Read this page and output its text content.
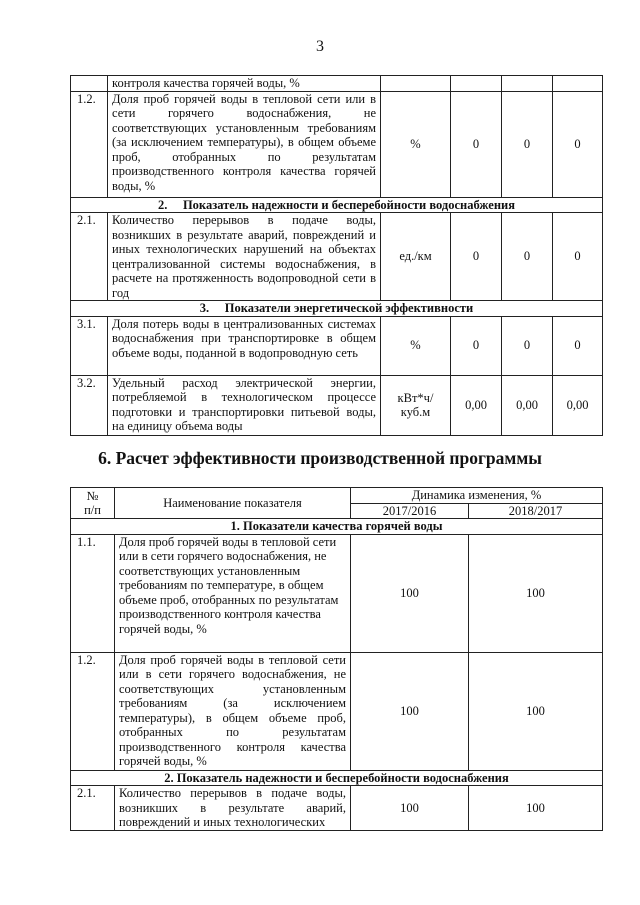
3
	контроля качества горячей воды, %				
1.2.	Доля проб горячей воды в тепловой сети или в сети горячего водоснабжения, не соответствующих установленным требованиям (за исключением температуры), в общем объеме проб, отобранных по результатам производственного контроля качества горячей воды, %	%	0	0	0
2.     Показатель надежности и бесперебойности водоснабжения					
2.1.	Количество перерывов в подаче воды, возникших в результате аварий, повреждений и иных технологических нарушений на объектах централизованной системы водоснабжения, в расчете на протяженность водопроводной сети в год	ед./км	0	0	0
3.     Показатели энергетической эффективности					
3.1.	Доля потерь воды в централизованных системах водоснабжения при транспортировке в общем объеме воды, поданной в водопроводную сеть	%	0	0	0
3.2.	Удельный расход электрической энергии, потребляемой в технологическом процессе подготовки и транспортировки питьевой воды, на единицу объема воды	кВт*ч/ куб.м	0,00	0,00	0,00
6. Расчет эффективности производственной программы
№ п/п	Наименование показателя	Динамика изменения, %	
		2017/2016	2018/2017
1. Показатели качества горячей воды			
1.1.	Доля проб горячей воды в тепловой сети или в сети горячего водоснабжения, не соответствующих установленным требованиям по температуре, в общем объеме проб, отобранных по результатам производственного контроля качества горячей воды, %	100	100
1.2.	Доля проб горячей воды в тепловой сети или в сети горячего водоснабжения, не соответствующих установленным требованиям (за исключением температуры), в общем объеме проб, отобранных по результатам производственного контроля качества горячей воды, %	100	100
2. Показатель надежности и бесперебойности водоснабжения			
2.1.	Количество перерывов в подаче воды, возникших в результате аварий, повреждений и иных технологических	100	100
